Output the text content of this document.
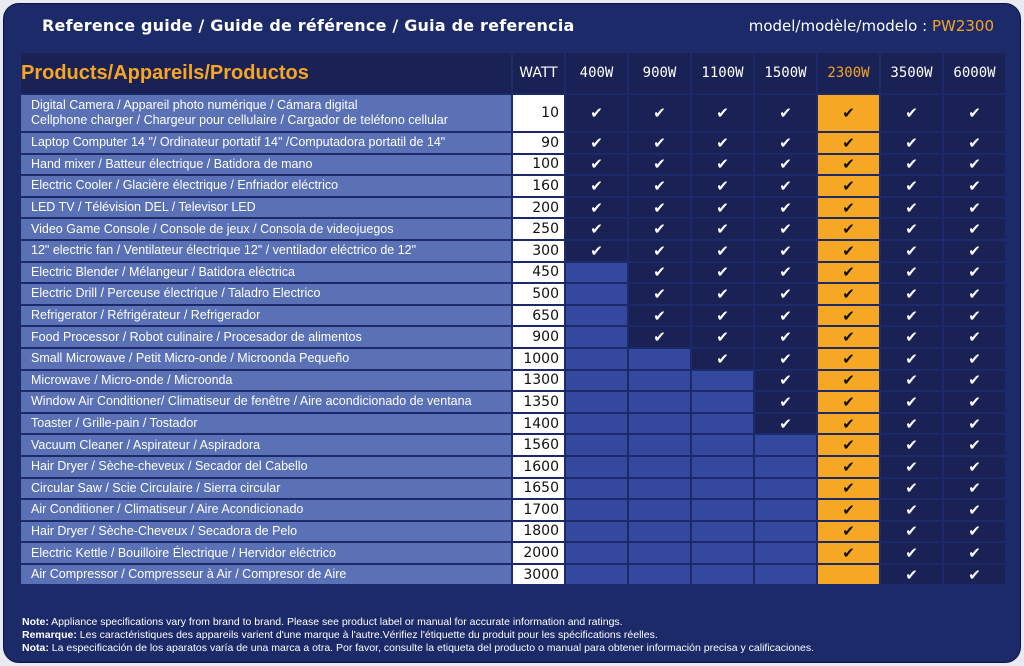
Reference guide / Guide de référence / Guia de referencia	model/modèle/modelo : PW2300
Products/Appareils/Productos	WATT	400W	900W	1100W	1500W	2300W	3500W	6000W

Digital Camera / Appareil photo numérique / Cámara digital
Cellphone charger / Chargeur pour cellulaire / Cargador de teléfono cellular	10	✔	✔	✔	✔	✔	✔	✔

Laptop Computer 14 "/ Ordinateur portatif 14" /Computadora portatil de 14"	90	✔	✔	✔	✔	✔	✔	✔

Hand mixer / Batteur électrique / Batidora de mano	100	✔	✔	✔	✔	✔	✔	✔

Electric Cooler / Glacière électrique / Enfriador eléctrico	160	✔	✔	✔	✔	✔	✔	✔

LED TV / Télévision DEL / Televisor LED	200	✔	✔	✔	✔	✔	✔	✔

Video Game Console / Console de jeux / Consola de videojuegos	250	✔	✔	✔	✔	✔	✔	✔

12" electric fan / Ventilateur électrique 12" / ventilador eléctrico de 12"	300	✔	✔	✔	✔	✔	✔	✔

Electric Blender / Mélangeur / Batidora eléctrica	450		✔	✔	✔	✔	✔	✔

Electric Drill / Perceuse électrique / Taladro Electrico	500		✔	✔	✔	✔	✔	✔

Refrigerator / Réfrigérateur / Refrigerador	650		✔	✔	✔	✔	✔	✔

Food Processor / Robot culinaire / Procesador de alimentos	900		✔	✔	✔	✔	✔	✔

Small Microwave / Petit Micro-onde / Microonda Pequeño	1000			✔	✔	✔	✔	✔

Microwave / Micro-onde / Microonda	1300				✔	✔	✔	✔

Window Air Conditioner/ Climatiseur de fenêtre / Aire acondicionado de ventana	1350				✔	✔	✔	✔

Toaster / Grille-pain / Tostador	1400				✔	✔	✔	✔

Vacuum Cleaner / Aspirateur / Aspiradora	1560					✔	✔	✔

Hair Dryer / Sèche-cheveux / Secador del Cabello	1600					✔	✔	✔

Circular Saw / Scie Circulaire / Sierra circular	1650					✔	✔	✔

Air Conditioner / Climatiseur / Aire Acondicionado	1700					✔	✔	✔

Hair Dryer / Sèche-Cheveux / Secadora de Pelo	1800					✔	✔	✔

Electric Kettle / Bouilloire Électrique / Hervidor eléctrico	2000					✔	✔	✔

Air Compressor / Compresseur à Air / Compresor de Aire	3000						✔	✔
Note: Appliance specifications vary from brand to brand. Please see product label or manual for accurate information and ratings.
Remarque: Les caractéristiques des appareils varient d'une marque à l'autre.Vérifiez l'étiquette du produit pour les spécifications réelles.
Nota: La especificación de los aparatos varía de una marca a otra. Por favor, consulte la etiqueta del producto o manual para obtener información precisa y calificaciones.
